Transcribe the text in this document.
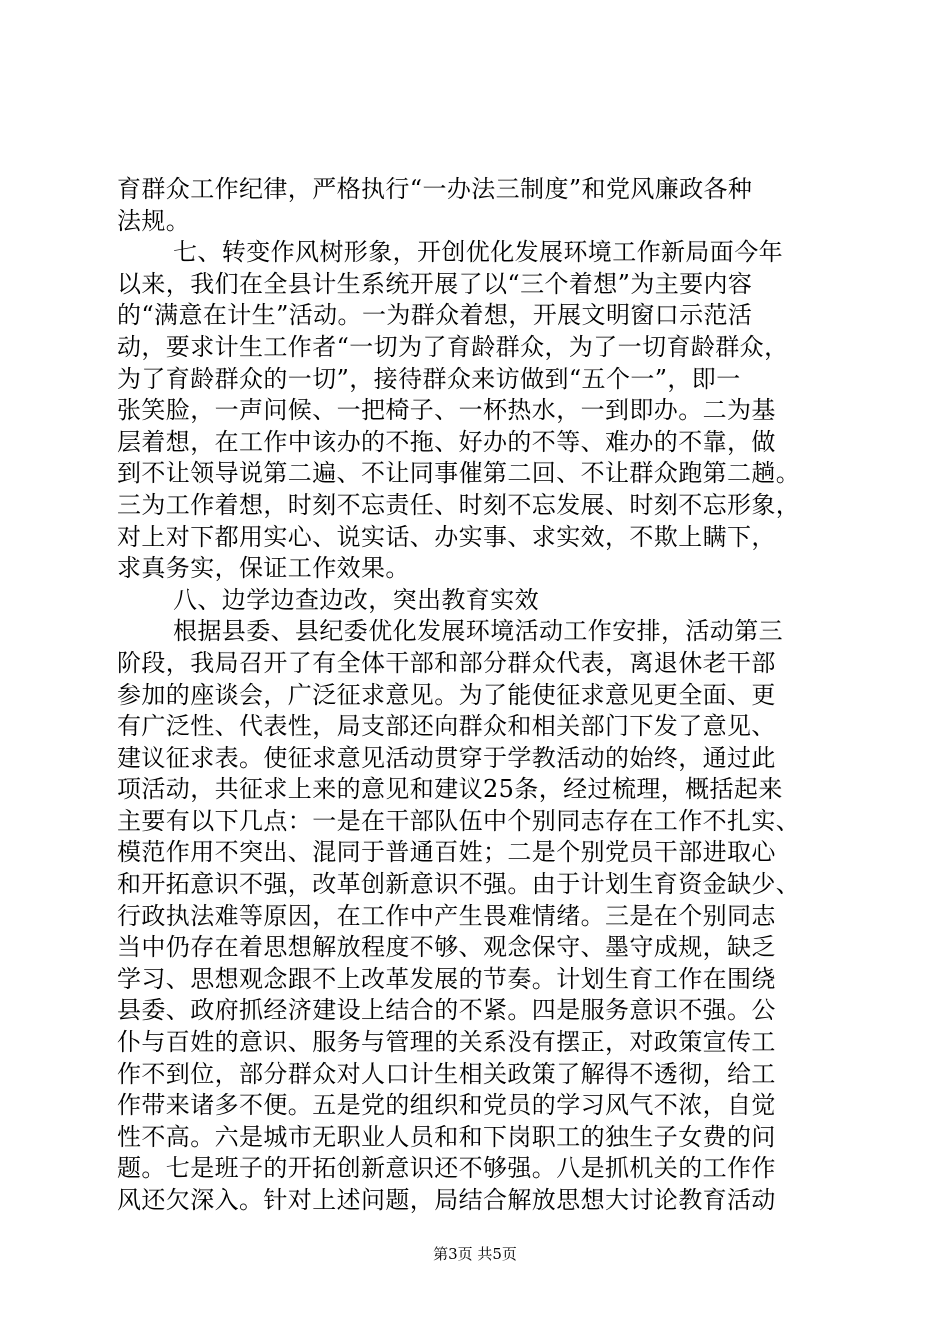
育群众工作纪律，严格执行“一办法三制度”和党风廉政各种
法规。
七、转变作风树形象，开创优化发展环境工作新局面今年
以来，我们在全县计生系统开展了以“三个着想”为主要内容
的“满意在计生”活动。一为群众着想，开展文明窗口示范活
动，要求计生工作者“一切为了育龄群众，为了一切育龄群众，
为了育龄群众的一切”，接待群众来访做到“五个一”，即一
张笑脸，一声问候、一把椅子、一杯热水，一到即办。二为基
层着想，在工作中该办的不拖、好办的不等、难办的不靠，做
到不让领导说第二遍、不让同事催第二回、不让群众跑第二趟。
三为工作着想，时刻不忘责任、时刻不忘发展、时刻不忘形象，
对上对下都用实心、说实话、办实事、求实效，不欺上瞒下，
求真务实，保证工作效果。
八、边学边查边改，突出教育实效
根据县委、县纪委优化发展环境活动工作安排，活动第三
阶段，我局召开了有全体干部和部分群众代表，离退休老干部
参加的座谈会，广泛征求意见。为了能使征求意见更全面、更
有广泛性、代表性，局支部还向群众和相关部门下发了意见、
建议征求表。使征求意见活动贯穿于学教活动的始终，通过此
项活动，共征求上来的意见和建议25条，经过梳理，概括起来
主要有以下几点：一是在干部队伍中个别同志存在工作不扎实、
模范作用不突出、混同于普通百姓；二是个别党员干部进取心
和开拓意识不强，改革创新意识不强。由于计划生育资金缺少、
行政执法难等原因，在工作中产生畏难情绪。三是在个别同志
当中仍存在着思想解放程度不够、观念保守、墨守成规，缺乏
学习、思想观念跟不上改革发展的节奏。计划生育工作在围绕
县委、政府抓经济建设上结合的不紧。四是服务意识不强。公
仆与百姓的意识、服务与管理的关系没有摆正，对政策宣传工
作不到位，部分群众对人口计生相关政策了解得不透彻，给工
作带来诸多不便。五是党的组织和党员的学习风气不浓，自觉
性不高。六是城市无职业人员和和下岗职工的独生子女费的问
题。七是班子的开拓创新意识还不够强。八是抓机关的工作作
风还欠深入。针对上述问题，局结合解放思想大讨论教育活动
第3页 共5页
